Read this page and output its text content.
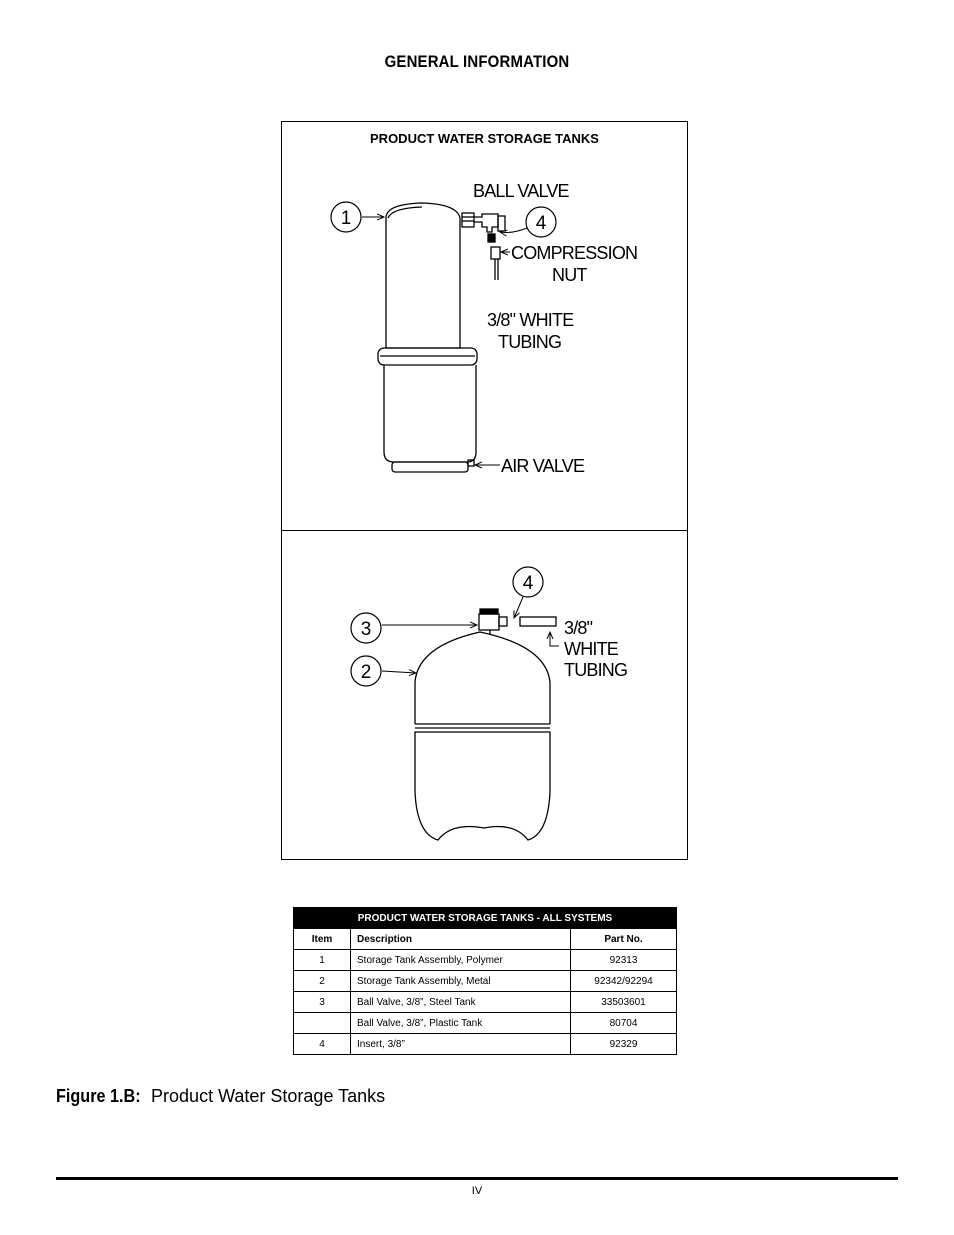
GENERAL INFORMATION
PRODUCT WATER STORAGE TANKS
1	4
BALL VALVE
COMPRESSION
NUT
3/8" WHITE
TUBING
AIR VALVE
4
3
2
3/8"
WHITE
TUBING
PRODUCT WATER STORAGE TANKS - ALL SYSTEMS		
Item	Description	Part No.
1	Storage Tank Assembly, Polymer	92313
2	Storage Tank Assembly, Metal	92342/92294
3	Ball Valve, 3/8”, Steel Tank	33503601
	Ball Valve, 3/8”, Plastic Tank	80704
4	Insert, 3/8”	92329
Figure 1.B: Product Water Storage Tanks
IV
